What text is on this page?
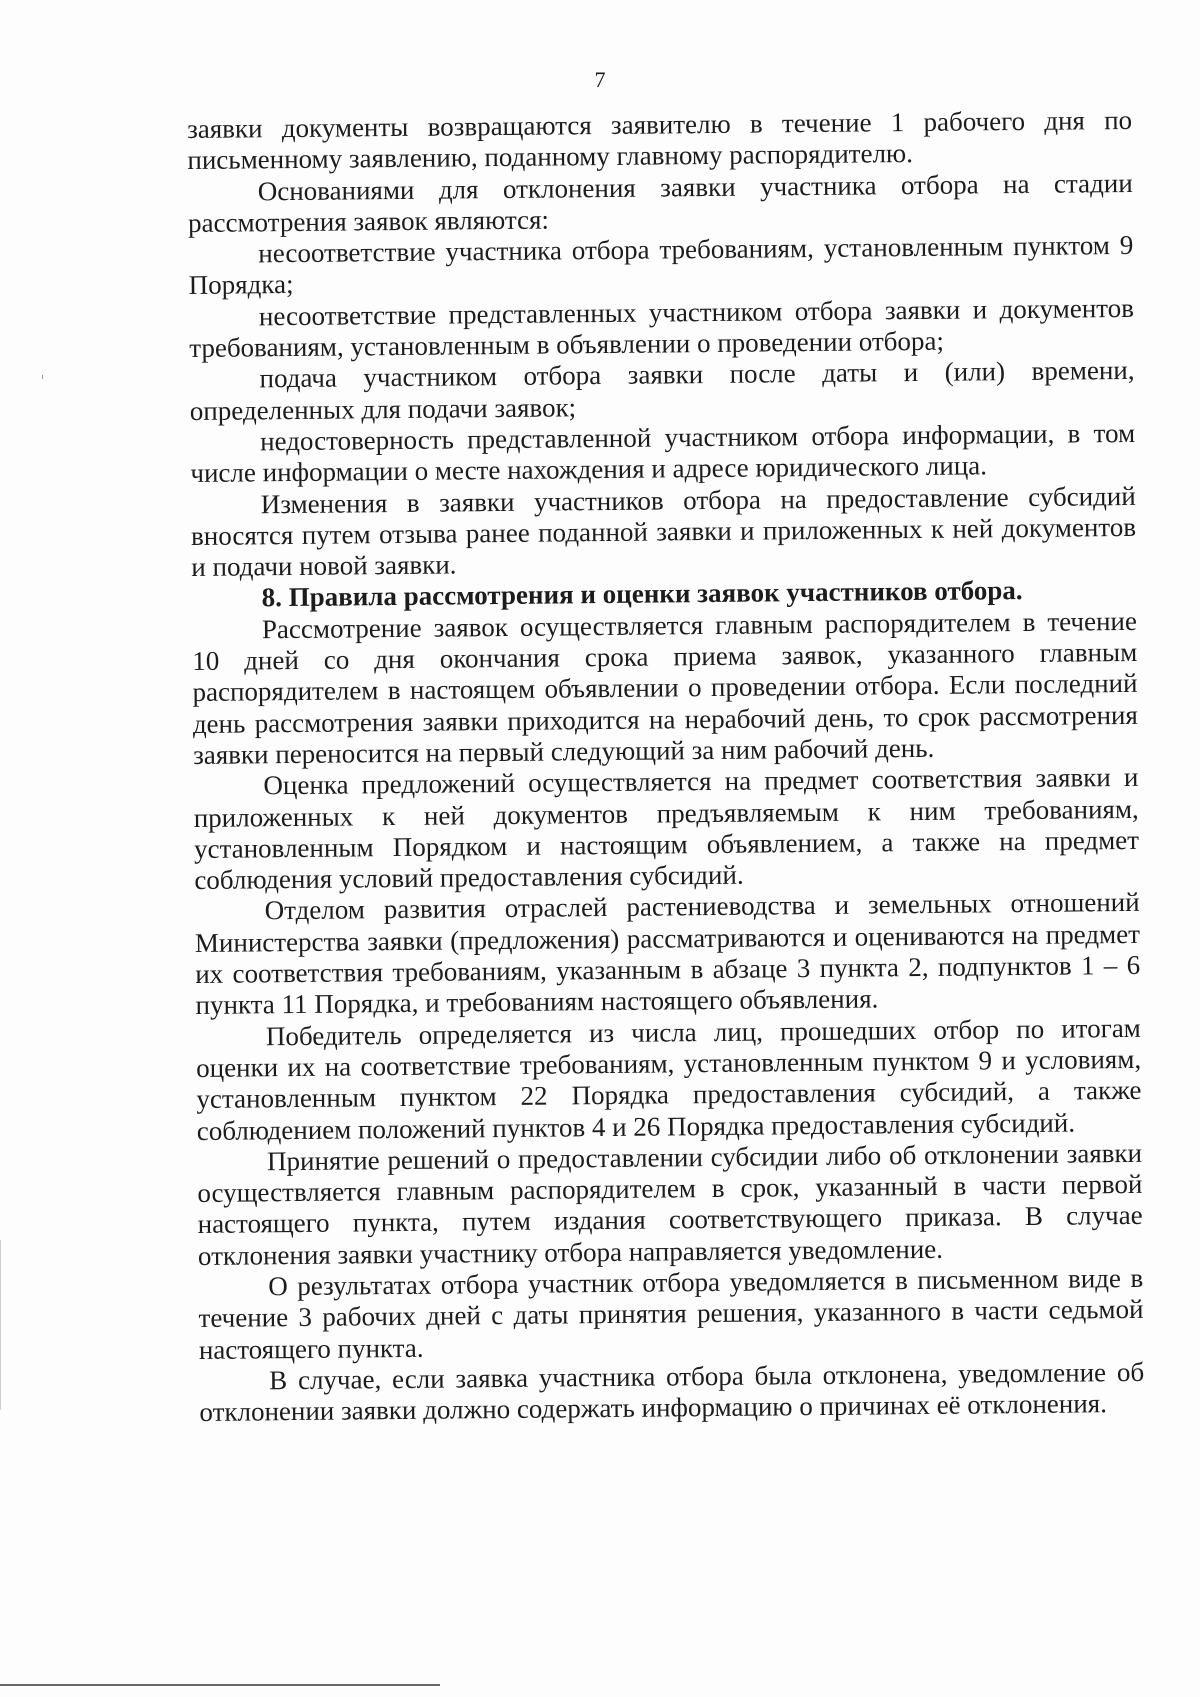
7

заявки документы возвращаются заявителю в течение 1 рабочего дня по письменному заявлению, поданному главному распорядителю.

Основаниями для отклонения заявки участника отбора на стадии рассмотрения заявок являются:

несоответствие участника отбора требованиям, установленным пунктом 9 Порядка;

несоответствие представленных участником отбора заявки и документов требованиям, установленным в объявлении о проведении отбора;

подача участником отбора заявки после даты и (или) времени, определенных для подачи заявок;

недостоверность представленной участником отбора информации, в том числе информации о месте нахождения и адресе юридического лица.

Изменения в заявки участников отбора на предоставление субсидий вносятся путем отзыва ранее поданной заявки и приложенных к ней документов и подачи новой заявки.

8. Правила рассмотрения и оценки заявок участников отбора.

Рассмотрение заявок осуществляется главным распорядителем в течение 10 дней со дня окончания срока приема заявок, указанного главным распорядителем в настоящем объявлении о проведении отбора. Если последний день рассмотрения заявки приходится на нерабочий день, то срок рассмотрения заявки переносится на первый следующий за ним рабочий день.

Оценка предложений осуществляется на предмет соответствия заявки и приложенных к ней документов предъявляемым к ним требованиям, установленным Порядком и настоящим объявлением, а также на предмет соблюдения условий предоставления субсидий.

Отделом развития отраслей растениеводства и земельных отношений Министерства заявки (предложения) рассматриваются и оцениваются на предмет их соответствия требованиям, указанным в абзаце 3 пункта 2, подпунктов 1 – 6 пункта 11 Порядка, и требованиям настоящего объявления.

Победитель определяется из числа лиц, прошедших отбор по итогам оценки их на соответствие требованиям, установленным пунктом 9 и условиям, установленным пунктом 22 Порядка предоставления субсидий, а также соблюдением положений пунктов 4 и 26 Порядка предоставления субсидий.

Принятие решений о предоставлении субсидии либо об отклонении заявки осуществляется главным распорядителем в срок, указанный в части первой настоящего пункта, путем издания соответствующего приказа. В случае отклонения заявки участнику отбора направляется уведомление.

О результатах отбора участник отбора уведомляется в письменном виде в течение 3 рабочих дней с даты принятия решения, указанного в части седьмой настоящего пункта.

В случае, если заявка участника отбора была отклонена, уведомление об отклонении заявки должно содержать информацию о причинах её отклонения.
